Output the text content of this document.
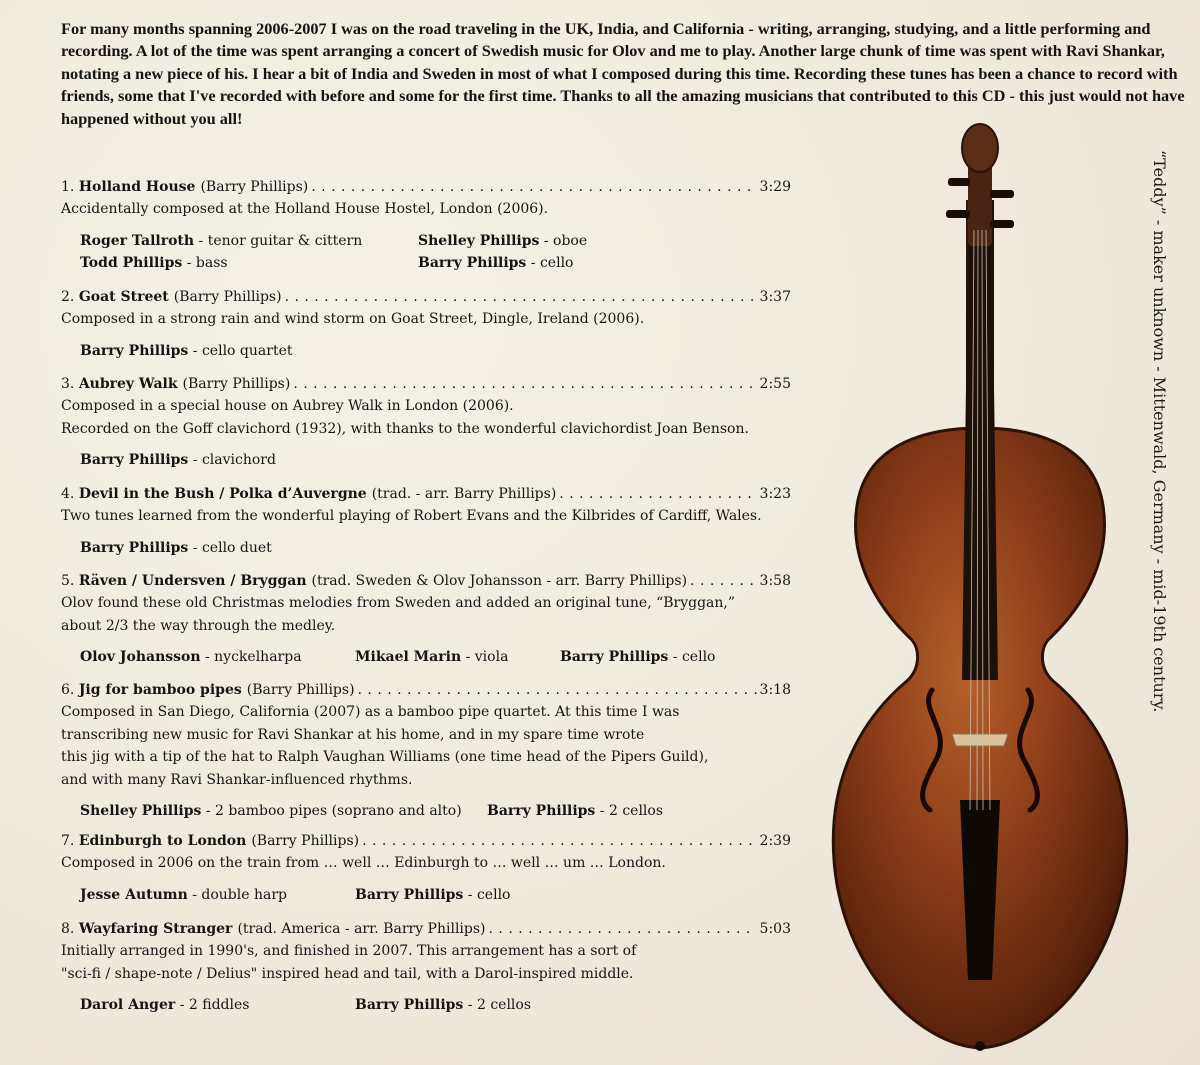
For many months spanning 2006-2007 I was on the road traveling in the UK, India, and California - writing, arranging, studying, and a little performing and recording. A lot of the time was spent arranging a concert of Swedish music for Olov and me to play. Another large chunk of time was spent with Ravi Shankar, notating a new piece of his. I hear a bit of India and Sweden in most of what I composed during this time. Recording these tunes has been a chance to record with friends, some that I've recorded with before and some for the first time. Thanks to all the amazing musicians that contributed to this CD - this just would not have happened without you all!

1.
Holland House (Barry Phillips) . . .	3:29

Accidentally composed at the Holland House Hostel, London (2006).

Roger Tallroth - tenor guitar & cittern	Shelley Phillips - oboe
Todd Phillips - bass	Barry Phillips - cello
2.
Goat Street (Barry Phillips) . . .	3:37

Composed in a strong rain and wind storm on Goat Street, Dingle, Ireland (2006).

Barry Phillips - cello quartet
3.
Aubrey Walk (Barry Phillips) . . .	2:55

Composed in a special house on Aubrey Walk in London (2006).

Recorded on the Goff clavichord (1932), with thanks to the wonderful clavichordist Joan Benson.

Barry Phillips - clavichord
4.
Devil in the Bush / Polka d’Auvergne (trad. - arr. Barry Phillips) . . .	3:23

Two tunes learned from the wonderful playing of Robert Evans and the Kilbrides of Cardiff, Wales.

Barry Phillips - cello duet
5.
Räven / Undersven / Bryggan (trad. Sweden & Olov Johansson - arr. Barry Phillips) . . .	3:58

Olov found these old Christmas melodies from Sweden and added an original tune, “Bryggan,”

about 2/3 the way through the medley.

Olov Johansson - nyckelharpa	Mikael Marin - viola	Barry Phillips - cello
6.
Jig for bamboo pipes (Barry Phillips) . . .	3:18

Composed in San Diego, California (2007) as a bamboo pipe quartet. At this time I was

transcribing new music for Ravi Shankar at his home, and in my spare time wrote

this jig with a tip of the hat to Ralph Vaughan Williams (one time head of the Pipers Guild),

and with many Ravi Shankar-influenced rhythms.

Shelley Phillips - 2 bamboo pipes (soprano and alto) Barry Phillips - 2 cellos
7.
Edinburgh to London (Barry Phillips) . . .	2:39

Composed in 2006 on the train from … well … Edinburgh to … well … um … London.

Jesse Autumn - double harp	Barry Phillips - cello
8.
Wayfaring Stranger (trad. America - arr. Barry Phillips) . . .	5:03

Initially arranged in 1990's, and finished in 2007. This arrangement has a sort of

"sci-fi / shape-note / Delius" inspired head and tail, with a Darol-inspired middle.

Darol Anger - 2 fiddles	Barry Phillips - 2 cellos
“Teddy” - maker unknown - Mittenwald, Germany - mid-19th century.
